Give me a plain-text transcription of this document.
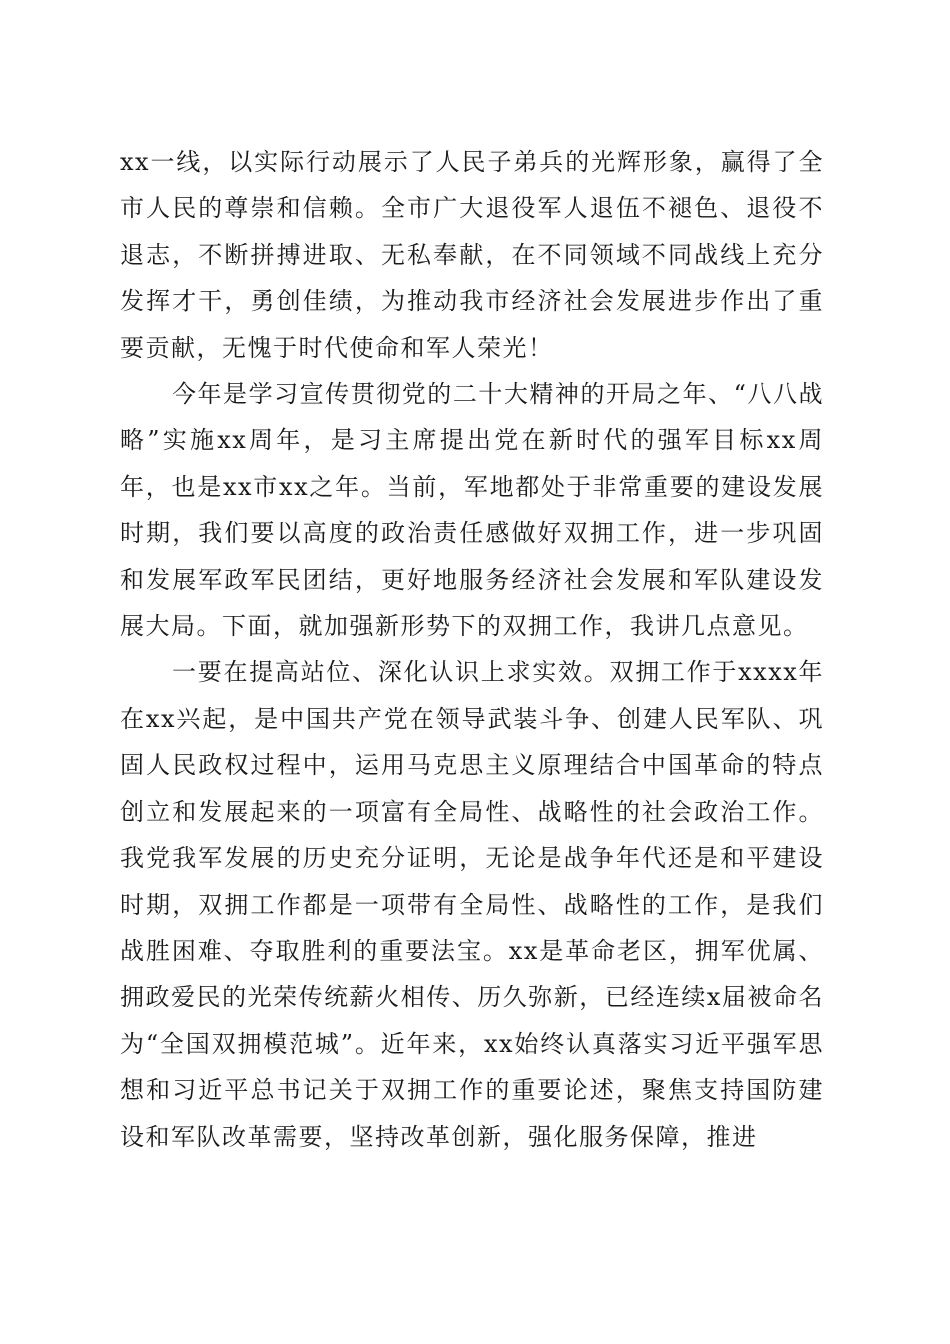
xx一线，以实际行动展示了人民子弟兵的光辉形象，赢得了全市人民的尊崇和信赖。全市广大退役军人退伍不褪色、退役不退志，不断拼搏进取、无私奉献，在不同领域不同战线上充分发挥才干，勇创佳绩，为推动我市经济社会发展进步作出了重要贡献，无愧于时代使命和军人荣光！

今年是学习宣传贯彻党的二十大精神的开局之年、“八八战略”实施xx周年，是习主席提出党在新时代的强军目标xx周年，也是xx市xx之年。当前，军地都处于非常重要的建设发展时期，我们要以高度的政治责任感做好双拥工作，进一步巩固和发展军政军民团结，更好地服务经济社会发展和军队建设发展大局。下面，就加强新形势下的双拥工作，我讲几点意见。

一要在提高站位、深化认识上求实效。双拥工作于xxxx年在xx兴起，是中国共产党在领导武装斗争、创建人民军队、巩固人民政权过程中，运用马克思主义原理结合中国革命的特点创立和发展起来的一项富有全局性、战略性的社会政治工作。我党我军发展的历史充分证明，无论是战争年代还是和平建设时期，双拥工作都是一项带有全局性、战略性的工作，是我们战胜困难、夺取胜利的重要法宝。xx是革命老区，拥军优属、拥政爱民的光荣传统薪火相传、历久弥新，已经连续x届被命名为“全国双拥模范城”。近年来，xx始终认真落实习近平强军思想和习近平总书记关于双拥工作的重要论述，聚焦支持国防建设和军队改革需要，坚持改革创新，强化服务保障，推进
